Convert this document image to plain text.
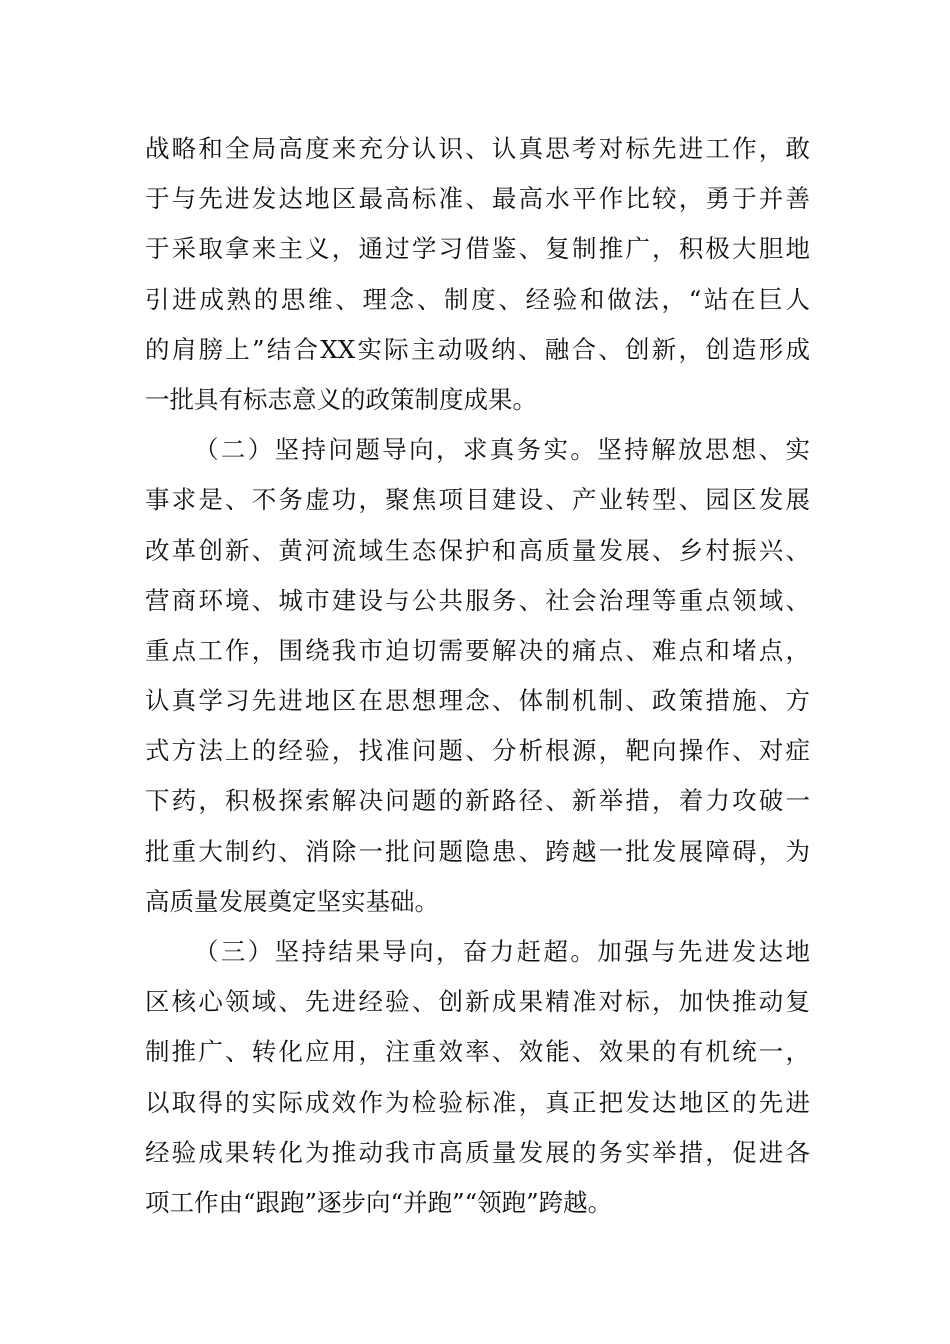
战略和全局高度来充分认识、认真思考对标先进工作，敢
于与先进发达地区最高标准、最高水平作比较，勇于并善
于采取拿来主义，通过学习借鉴、复制推广，积极大胆地
引进成熟的思维、理念、制度、经验和做法，“站在巨人
的肩膀上”结合XX实际主动吸纳、融合、创新，创造形成
一批具有标志意义的政策制度成果。
（二）坚持问题导向，求真务实。坚持解放思想、实
事求是、不务虚功，聚焦项目建设、产业转型、园区发展
改革创新、黄河流域生态保护和高质量发展、乡村振兴、
营商环境、城市建设与公共服务、社会治理等重点领域、
重点工作，围绕我市迫切需要解决的痛点、难点和堵点，
认真学习先进地区在思想理念、体制机制、政策措施、方
式方法上的经验，找准问题、分析根源，靶向操作、对症
下药，积极探索解决问题的新路径、新举措，着力攻破一
批重大制约、消除一批问题隐患、跨越一批发展障碍，为
高质量发展奠定坚实基础。
（三）坚持结果导向，奋力赶超。加强与先进发达地
区核心领域、先进经验、创新成果精准对标，加快推动复
制推广、转化应用，注重效率、效能、效果的有机统一，
以取得的实际成效作为检验标准，真正把发达地区的先进
经验成果转化为推动我市高质量发展的务实举措，促进各
项工作由“跟跑”逐步向“并跑”“领跑”跨越。
